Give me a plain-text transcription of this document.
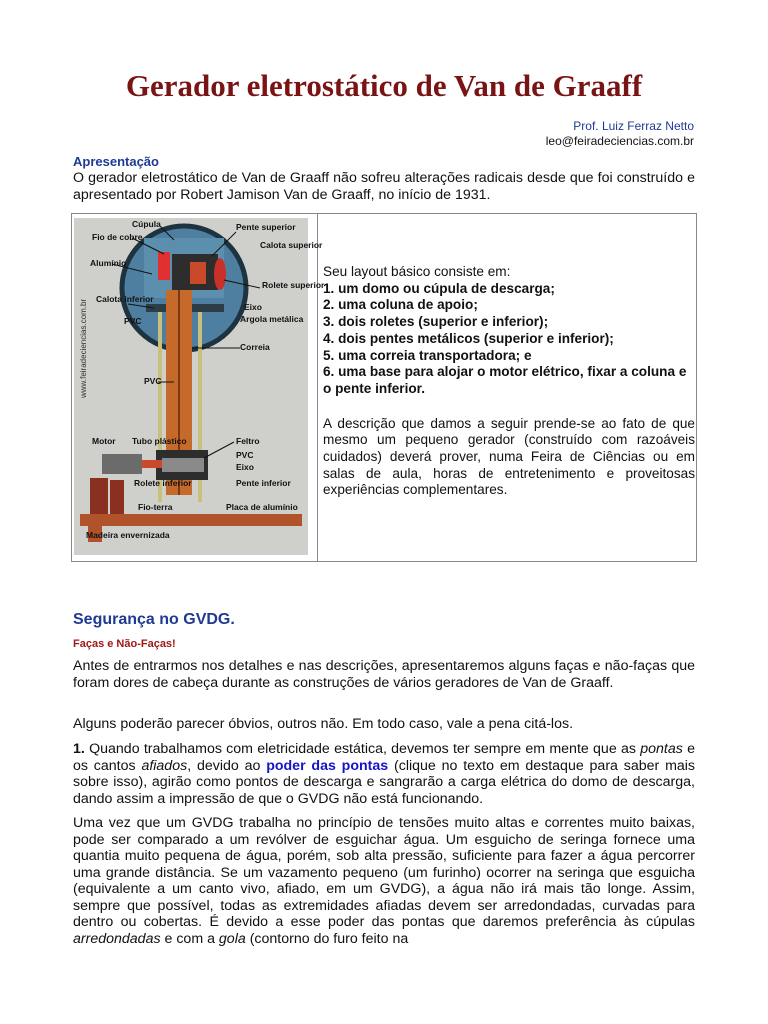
Gerador eletrostático de Van de Graaff
Prof. Luiz Ferraz Netto
leo@feiradeciencias.com.br
Apresentação
O gerador eletrostático de Van de Graaff não sofreu alterações radicais desde que foi construído e apresentado por Robert Jamison Van de Graaff, no início de 1931.
www.feiradeciencias.com.br
Cúpula
Fio de cobre
Pente superior
Calota superior
Alumínio
Rolete superior
Calota inferior
Eixo
PVC	Argola metálica
Correia
PVC
Motor Tubo plástico	Feltro
PVC
Eixo
Rolete inferior	Pente inferior
Fio-terra	Placa de alumínio
Madeira envernizada
Seu layout básico consiste em:
1. um domo ou cúpula de descarga;
2. uma coluna de apoio;
3. dois roletes (superior e inferior);
4. dois pentes metálicos (superior e inferior);
5. uma correia transportadora; e
6. uma base para alojar o motor elétrico, fixar a coluna e o pente inferior.
A descrição que damos a seguir prende-se ao fato de que mesmo um pequeno gerador (construído com razoáveis cuidados) deverá prover, numa Feira de Ciências ou em salas de aula, horas de entretenimento e proveitosas experiências complementares.
Segurança no GVDG.
Faças e Não-Faças!
Antes de entrarmos nos detalhes e nas descrições, apresentaremos alguns faças e não-faças que foram dores de cabeça durante as construções de vários geradores de Van de Graaff.
Alguns poderão parecer óbvios, outros não. Em todo caso, vale a pena citá-los.
1. Quando trabalhamos com eletricidade estática, devemos ter sempre em mente que as pontas e os cantos afiados, devido ao poder das pontas (clique no texto em destaque para saber mais sobre isso), agirão como pontos de descarga e sangrarão a carga elétrica do domo de descarga, dando assim a impressão de que o GVDG não está funcionando.
Uma vez que um GVDG trabalha no princípio de tensões muito altas e correntes muito baixas, pode ser comparado a um revólver de esguichar água. Um esguicho de seringa fornece uma quantia muito pequena de água, porém, sob alta pressão, suficiente para fazer a água percorrer uma grande distância. Se um vazamento pequeno (um furinho) ocorrer na seringa que esguicha (equivalente a um canto vivo, afiado, em um GVDG), a água não irá mais tão longe. Assim, sempre que possível, todas as extremidades afiadas devem ser arredondadas, curvadas para dentro ou cobertas. É devido a esse poder das pontas que daremos preferência às cúpulas arredondadas e com a gola (contorno do furo feito na
